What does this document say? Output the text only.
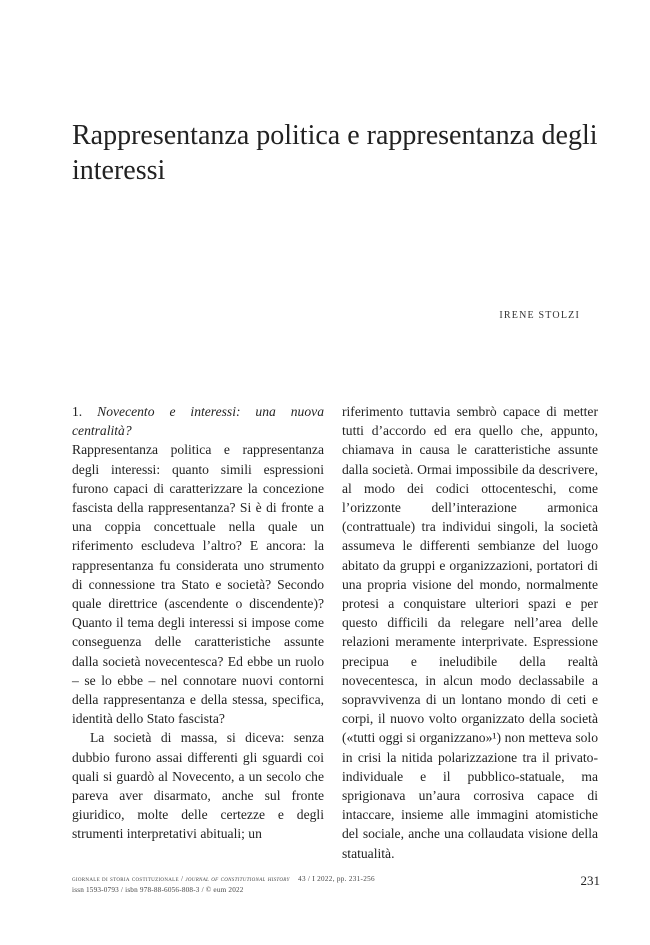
Rappresentanza politica e rappresentanza degli interessi
IRENE STOLZI

1. Novecento e interessi: una nuova centralità?

Rappresentanza politica e rappresentanza degli interessi: quanto simili espressioni furono capaci di caratterizzare la concezione fascista della rappresentanza? Si è di fronte a una coppia concettuale nella quale un riferimento escludeva l’altro? E ancora: la rappresentanza fu considerata uno strumento di connessione tra Stato e società? Secondo quale direttrice (ascendente o discendente)? Quanto il tema degli interessi si impose come conseguenza delle caratteristiche assunte dalla società novecentesca? Ed ebbe un ruolo – se lo ebbe – nel connotare nuovi contorni della rappresentanza e della stessa, specifica, identità dello Stato fascista?

La società di massa, si diceva: senza dubbio furono assai differenti gli sguardi coi quali si guardò al Novecento, a un secolo che pareva aver disarmato, anche sul fronte giuridico, molte delle certezze e degli strumenti interpretativi abituali; un

riferimento tuttavia sembrò capace di metter tutti d’accordo ed era quello che, appunto, chiamava in causa le caratteristiche assunte dalla società. Ormai impossibile da descrivere, al modo dei codici ottocenteschi, come l’orizzonte dell’interazione armonica (contrattuale) tra individui singoli, la società assumeva le differenti sembianze del luogo abitato da gruppi e organizzazioni, portatori di una propria visione del mondo, normalmente protesi a conquistare ulteriori spazi e per questo difficili da relegare nell’area delle relazioni meramente interprivate. Espressione precipua e ineludibile della realtà novecentesca, in alcun modo declassabile a sopravvivenza di un lontano mondo di ceti e corpi, il nuovo volto organizzato della società («tutti oggi si organizzano»¹) non metteva solo in crisi la nitida polarizzazione tra il privato-individuale e il pubblico-statuale, ma sprigionava un’aura corrosiva capace di intaccare, insieme alle immagini atomistiche del sociale, anche una collaudata visione della statualità.

giornale di storia costituzionale / journal of constitutional history 43 / I 2022, pp. 231-256
issn 1593-0793 / isbn 978-88-6056-808-3 / © eum 2022
231
